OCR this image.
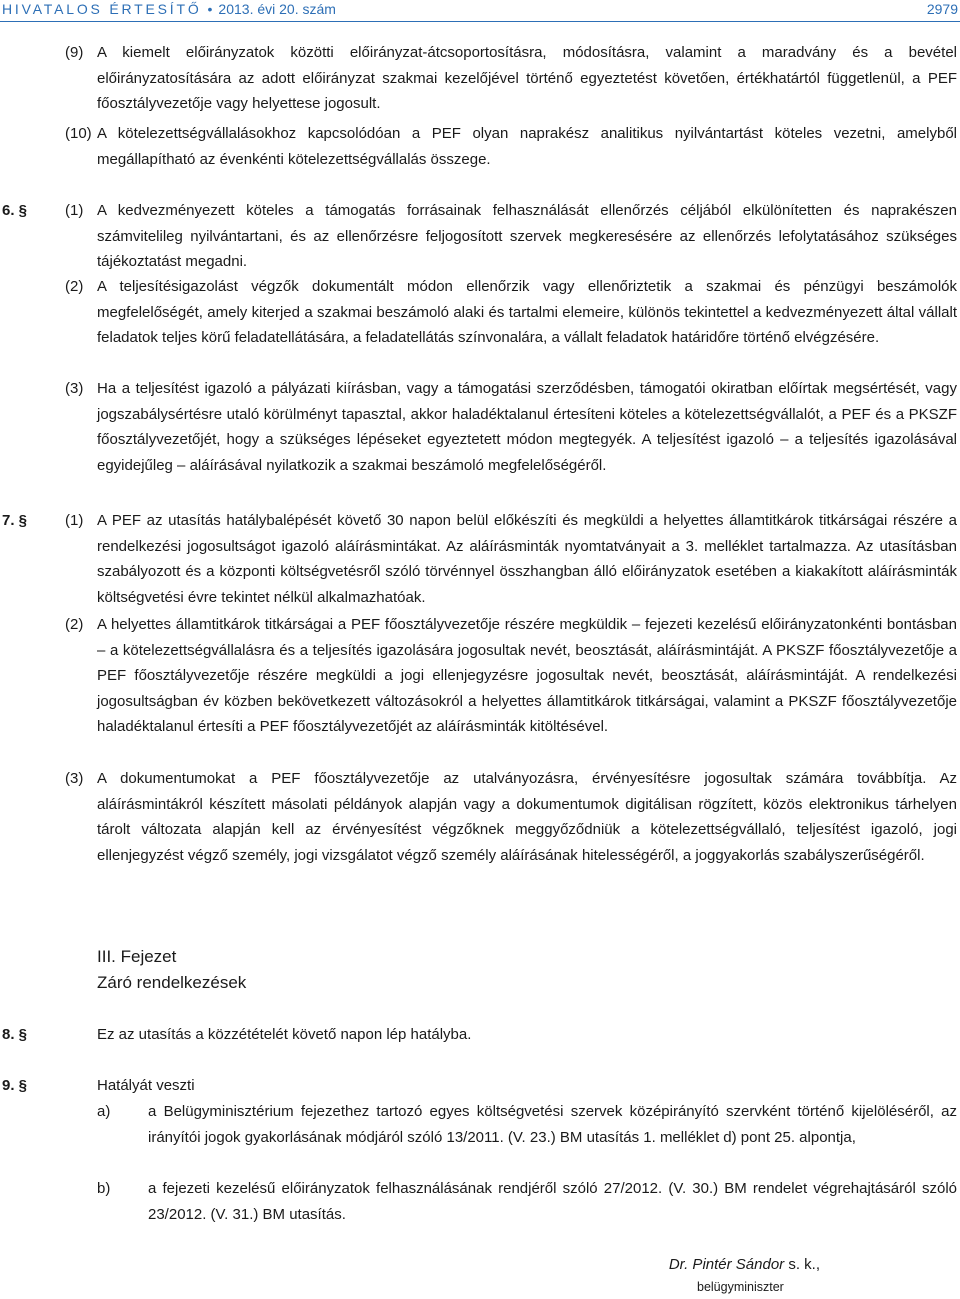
HIVATALOS ÉRTESÍTŐ • 2013. évi 20. szám	2979
(9) A kiemelt előirányzatok közötti előirányzat-átcsoportosításra, módosításra, valamint a maradvány és a bevétel előirányzatosítására az adott előirányzat szakmai kezelőjével történő egyeztetést követően, értékhatártól függetlenül, a PEF főosztályvezetője vagy helyettese jogosult.
(10) A kötelezettségvállalásokhoz kapcsolódóan a PEF olyan naprakész analitikus nyilvántartást köteles vezetni, amelyből megállapítható az évenkénti kötelezettségvállalás összege.
6. §	(1) A kedvezményezett köteles a támogatás forrásainak felhasználását ellenőrzés céljából elkülönítetten és naprakészen számvitelileg nyilvántartani, és az ellenőrzésre feljogosított szervek megkeresésére az ellenőrzés lefolytatásához szükséges tájékoztatást megadni.
(2) A teljesítésigazolást végzők dokumentált módon ellenőrzik vagy ellenőriztetik a szakmai és pénzügyi beszámolók megfelelőségét, amely kiterjed a szakmai beszámoló alaki és tartalmi elemeire, különös tekintettel a kedvezményezett által vállalt feladatok teljes körű feladatellátására, a feladatellátás színvonalára, a vállalt feladatok határidőre történő elvégzésére.
(3) Ha a teljesítést igazoló a pályázati kiírásban, vagy a támogatási szerződésben, támogatói okiratban előírtak megsértését, vagy jogszabálysértésre utaló körülményt tapasztal, akkor haladéktalanul értesíteni köteles a kötelezettségvállalót, a PEF és a PKSZF főosztályvezetőjét, hogy a szükséges lépéseket egyeztetett módon megtegyék. A teljesítést igazoló – a teljesítés igazolásával egyidejűleg – aláírásával nyilatkozik a szakmai beszámoló megfelelőségéről.
7. §	(1) A PEF az utasítás hatálybalépését követő 30 napon belül előkészíti és megküldi a helyettes államtitkárok titkárságai részére a rendelkezési jogosultságot igazoló aláírásmintákat. Az aláírásminták nyomtatványait a 3. melléklet tartalmazza. Az utasításban szabályozott és a központi költségvetésről szóló törvénnyel összhangban álló előirányzatok esetében a kiakakított aláírásminták költségvetési évre tekintet nélkül alkalmazhatóak.
(2) A helyettes államtitkárok titkárságai a PEF főosztályvezetője részére megküldik – fejezeti kezelésű előirányzatonkénti bontásban – a kötelezettségvállalásra és a teljesítés igazolására jogosultak nevét, beosztását, aláírásmintáját. A PKSZF főosztályvezetője a PEF főosztályvezetője részére megküldi a jogi ellenjegyzésre jogosultak nevét, beosztását, aláírásmintáját. A rendelkezési jogosultságban év közben bekövetkezett változásokról a helyettes államtitkárok titkárságai, valamint a PKSZF főosztályvezetője haladéktalanul értesíti a PEF főosztályvezetőjét az aláírásminták kitöltésével.
(3) A dokumentumokat a PEF főosztályvezetője az utalványozásra, érvényesítésre jogosultak számára továbbítja. Az aláírásmintákról készített másolati példányok alapján vagy a dokumentumok digitálisan rögzített, közös elektronikus tárhelyen tárolt változata alapján kell az érvényesítést végzőknek meggyőződniük a kötelezettségvállaló, teljesítést igazoló, jogi ellenjegyzést végző személy, jogi vizsgálatot végző személy aláírásának hitelességéről, a joggyakorlás szabályszerűségéről.
III. Fejezet
Záró rendelkezések
8. §	Ez az utasítás a közzétételét követő napon lép hatályba.
9. §	Hatályát veszti
a)	a Belügyminisztérium fejezethez tartozó egyes költségvetési szervek középirányító szervként történő kijelöléséről, az irányítói jogok gyakorlásának módjáról szóló 13/2011. (V. 23.) BM utasítás 1. melléklet d) pont 25. alpontja,
b)	a fejezeti kezelésű előirányzatok felhasználásának rendjéről szóló 27/2012. (V. 30.) BM rendelet végrehajtásáról szóló 23/2012. (V. 31.) BM utasítás.
Dr. Pintér Sándor s. k.,
belügyminiszter
